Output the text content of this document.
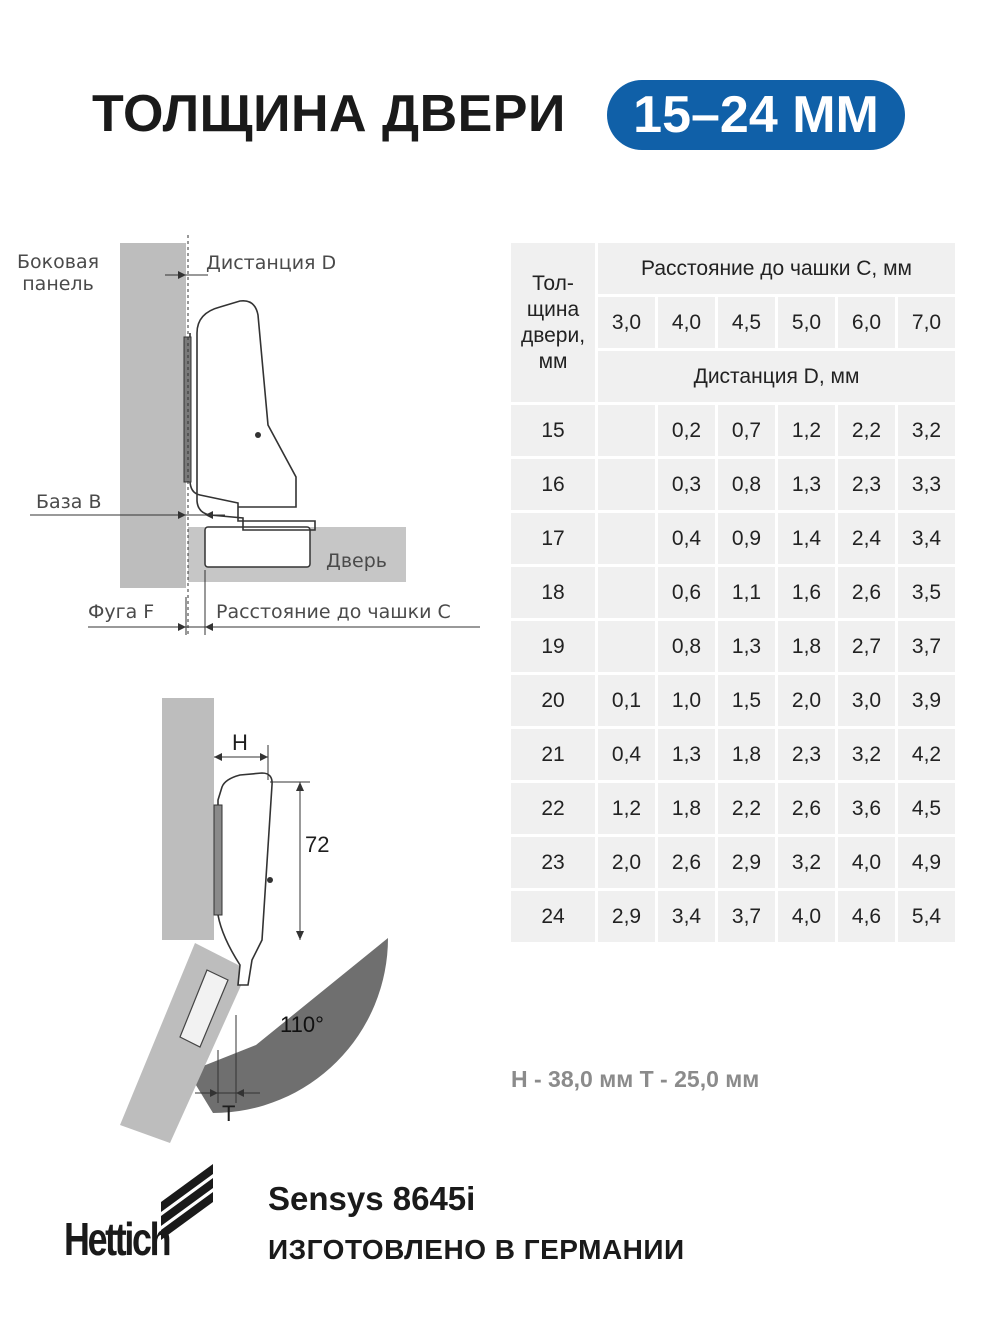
ТОЛЩИНА ДВЕРИ	15–24 ММ
Боковая
панель
Дистанция D
База B
Дверь
Фуга F	Расстояние до чашки C
H
72
110°
T
Тол-
щина
двери,
мм	Расстояние до чашки С, мм					
	3,0	4,0	4,5	5,0	6,0	7,0
	Дистанция D, мм					
15		0,2	0,7	1,2	2,2	3,2
16		0,3	0,8	1,3	2,3	3,3
17		0,4	0,9	1,4	2,4	3,4
18		0,6	1,1	1,6	2,6	3,5
19		0,8	1,3	1,8	2,7	3,7
20	0,1	1,0	1,5	2,0	3,0	3,9
21	0,4	1,3	1,8	2,3	3,2	4,2
22	1,2	1,8	2,2	2,6	3,6	4,5
23	2,0	2,6	2,9	3,2	4,0	4,9
24	2,9	3,4	3,7	4,0	4,6	5,4
H - 38,0 мм T - 25,0 мм
Hettich
Sensys 8645i
ИЗГОТОВЛЕНО В ГЕРМАНИИ
